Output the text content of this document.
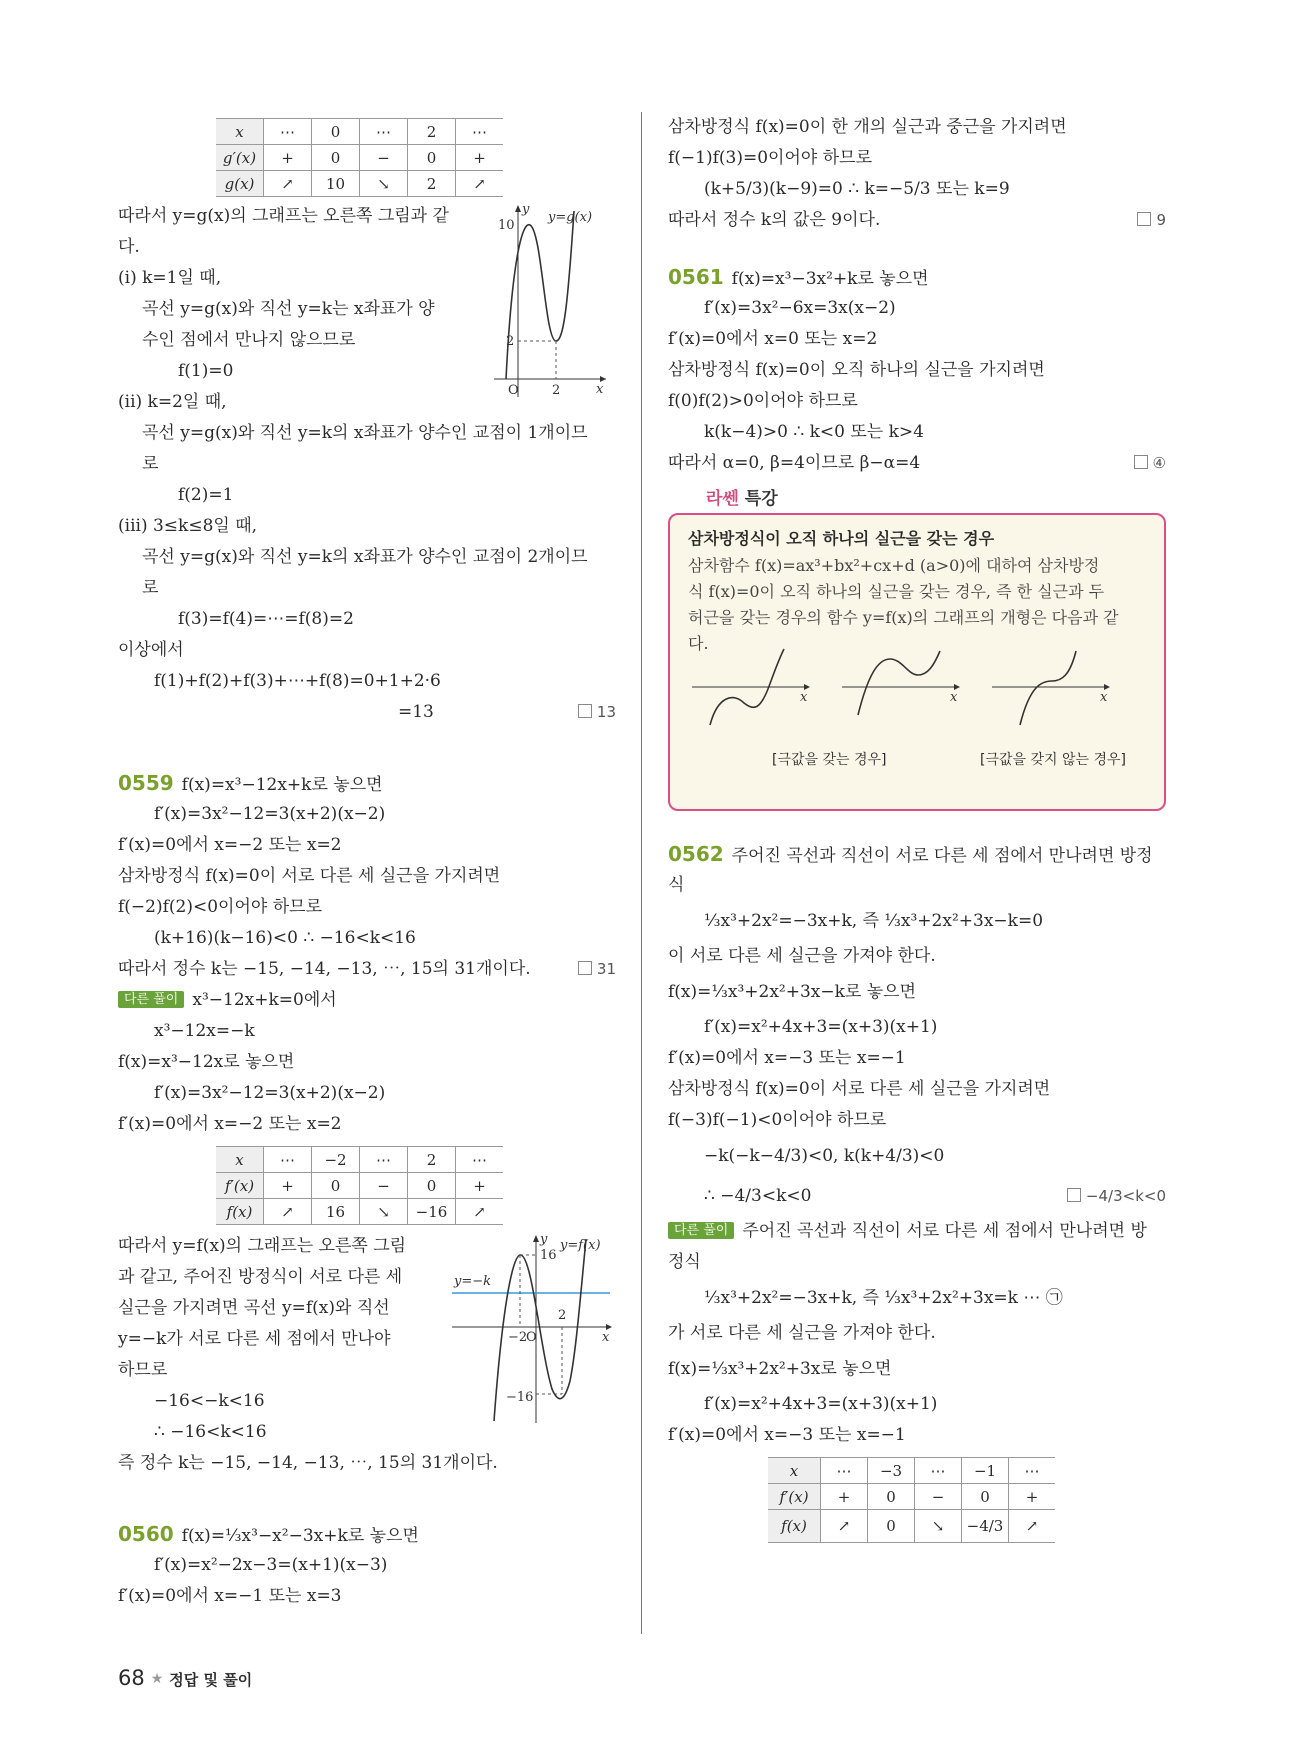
x	⋯	0	⋯	2	⋯
g′(x)	+	0	−	0	+
g(x)	↗	10	↘	2	↗
y
y=g(x)
10
2
O	2	x
따라서 y=g(x)의 그래프는 오른쪽 그림과 같
다.
(i) k=1일 때,
곡선 y=g(x)와 직선 y=k는 x좌표가 양
수인 점에서 만나지 않으므로
f(1)=0
(ii) k=2일 때,
곡선 y=g(x)와 직선 y=k의 x좌표가 양수인 교점이 1개이므
로
f(2)=1
(iii) 3≤k≤8일 때,
곡선 y=g(x)와 직선 y=k의 x좌표가 양수인 교점이 2개이므
로
f(3)=f(4)=⋯=f(8)=2
이상에서
f(1)+f(2)+f(3)+⋯+f(8)=0+1+2·6
=13	13
0559 f(x)=x³−12x+k로 놓으면
f′(x)=3x²−12=3(x+2)(x−2)
f′(x)=0에서 x=−2 또는 x=2
삼차방정식 f(x)=0이 서로 다른 세 실근을 가지려면
f(−2)f(2)<0이어야 하므로
(k+16)(k−16)<0 ∴ −16<k<16
따라서 정수 k는 −15, −14, −13, ⋯, 15의 31개이다.	31
다른 풀이 x³−12x+k=0에서
x³−12x=−k
f(x)=x³−12x로 놓으면
f′(x)=3x²−12=3(x+2)(x−2)
f′(x)=0에서 x=−2 또는 x=2
x	⋯	−2	⋯	2	⋯
f′(x)	+	0	−	0	+
f(x)	↗	16	↘	−16	↗
y y=f(x)
y=−k
16
−16
−2
O
2
x
따라서 y=f(x)의 그래프는 오른쪽 그림
과 같고, 주어진 방정식이 서로 다른 세
실근을 가지려면 곡선 y=f(x)와 직선
y=−k가 서로 다른 세 점에서 만나야
하므로
−16<−k<16
∴ −16<k<16
즉 정수 k는 −15, −14, −13, ⋯, 15의 31개이다.
0560 f(x)=⅓x³−x²−3x+k로 놓으면
f′(x)=x²−2x−3=(x+1)(x−3)
f′(x)=0에서 x=−1 또는 x=3
삼차방정식 f(x)=0이 한 개의 실근과 중근을 가지려면
f(−1)f(3)=0이어야 하므로
(k+5/3)(k−9)=0 ∴ k=−5/3 또는 k=9
따라서 정수 k의 값은 9이다.	9
0561 f(x)=x³−3x²+k로 놓으면
f′(x)=3x²−6x=3x(x−2)
f′(x)=0에서 x=0 또는 x=2
삼차방정식 f(x)=0이 오직 하나의 실근을 가지려면
f(0)f(2)>0이어야 하므로
k(k−4)>0 ∴ k<0 또는 k>4
따라서 α=0, β=4이므로 β−α=4	④
라쎈 특강
삼차방정식이 오직 하나의 실근을 갖는 경우
삼차함수 f(x)=ax³+bx²+cx+d (a>0)에 대하여 삼차방정
식 f(x)=0이 오직 하나의 실근을 갖는 경우, 즉 한 실근과 두
허근을 갖는 경우의 함수 y=f(x)의 그래프의 개형은 다음과 같
다.
x	x	x
[극값을 갖는 경우]	[극값을 갖지 않는 경우]
0562 주어진 곡선과 직선이 서로 다른 세 점에서 만나려면 방정
식
⅓x³+2x²=−3x+k, 즉 ⅓x³+2x²+3x−k=0
이 서로 다른 세 실근을 가져야 한다.
f(x)=⅓x³+2x²+3x−k로 놓으면
f′(x)=x²+4x+3=(x+3)(x+1)
f′(x)=0에서 x=−3 또는 x=−1
삼차방정식 f(x)=0이 서로 다른 세 실근을 가지려면
f(−3)f(−1)<0이어야 하므로
−k(−k−4/3)<0, k(k+4/3)<0
∴ −4/3<k<0	−4/3<k<0
다른 풀이 주어진 곡선과 직선이 서로 다른 세 점에서 만나려면 방
정식
⅓x³+2x²=−3x+k, 즉 ⅓x³+2x²+3x=k ⋯ ㉠
가 서로 다른 세 실근을 가져야 한다.
f(x)=⅓x³+2x²+3x로 놓으면
f′(x)=x²+4x+3=(x+3)(x+1)
f′(x)=0에서 x=−3 또는 x=−1
x	⋯	−3	⋯	−1	⋯
f′(x)	+	0	−	0	+
f(x)	↗	0	↘	−4/3	↗
68 ★ 정답 및 풀이
